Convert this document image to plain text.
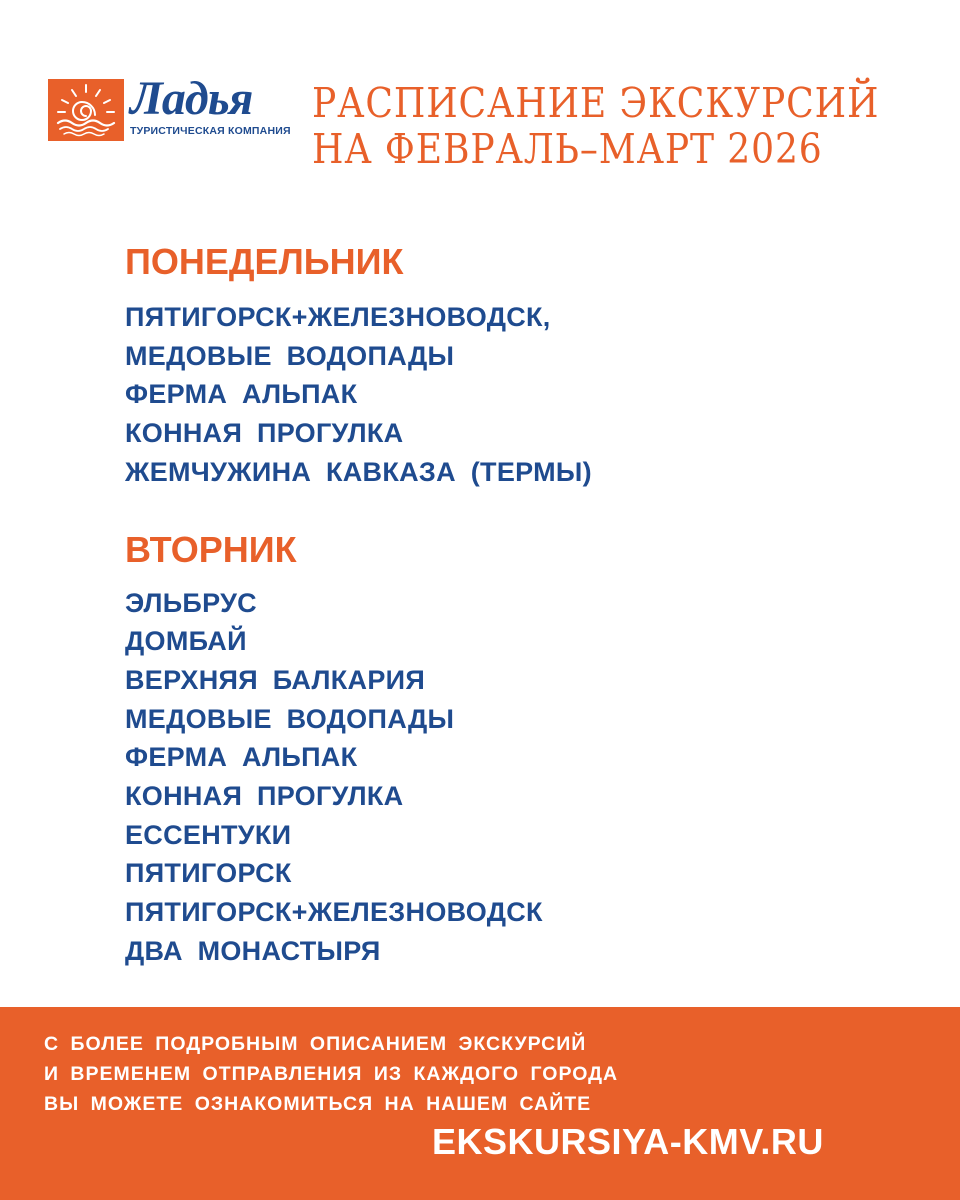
Ладья
ТУРИСТИЧЕСКАЯ КОМПАНИЯ
РАСПИСАНИЕ ЭКСКУРСИЙ
НА ФЕВРАЛЬ–МАРТ 2026
ПОНЕДЕЛЬНИК
ПЯТИГОРСК+ЖЕЛЕЗНОВОДСК,
МЕДОВЫЕ ВОДОПАДЫ
ФЕРМА АЛЬПАК
КОННАЯ ПРОГУЛКА
ЖЕМЧУЖИНА КАВКАЗА (ТЕРМЫ)
ВТОРНИК
ЭЛЬБРУС
ДОМБАЙ
ВЕРХНЯЯ БАЛКАРИЯ
МЕДОВЫЕ ВОДОПАДЫ
ФЕРМА АЛЬПАК
КОННАЯ ПРОГУЛКА
ЕССЕНТУКИ
ПЯТИГОРСК
ПЯТИГОРСК+ЖЕЛЕЗНОВОДСК
ДВА МОНАСТЫРЯ
С БОЛЕЕ ПОДРОБНЫМ ОПИСАНИЕМ ЭКСКУРСИЙ
И ВРЕМЕНЕМ ОТПРАВЛЕНИЯ ИЗ КАЖДОГО ГОРОДА
ВЫ МОЖЕТЕ ОЗНАКОМИТЬСЯ НА НАШЕМ САЙТЕ
EKSKURSIYA-KMV.RU
